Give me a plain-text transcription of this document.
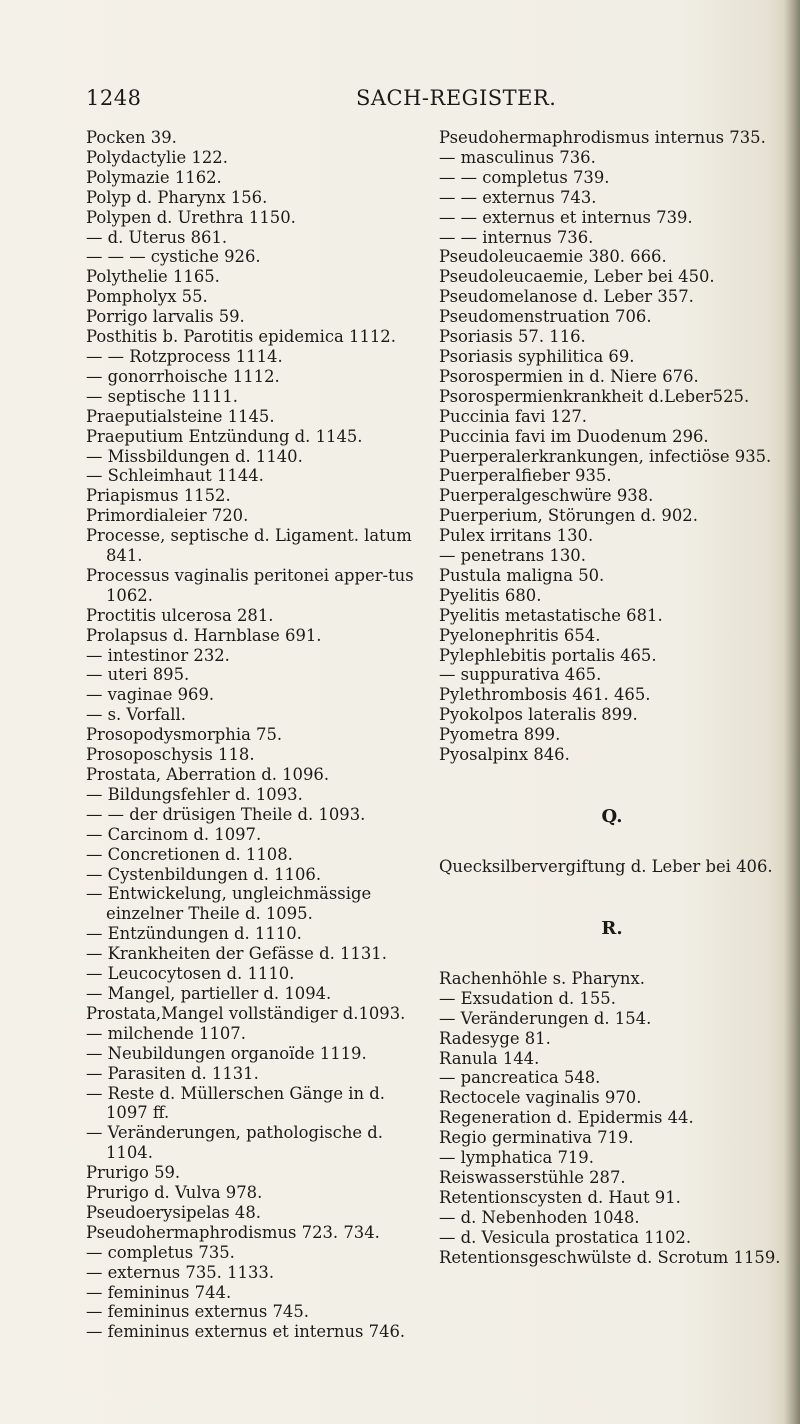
1248	SACH-REGISTER.
Pocken 39.
Polydactylie 122.
Polymazie 1162.
Polyp d. Pharynx 156.
Polypen d. Urethra 1150.
— d. Uterus 861.
— — — cystiche 926.
Polythelie 1165.
Pompholyx 55.
Porrigo larvalis 59.
Posthitis b. Parotitis epidemica 1112.
— — Rotzprocess 1114.
— gonorrhoische 1112.
— septische 1111.
Praeputialsteine 1145.
Praeputium Entzündung d. 1145.
— Missbildungen d. 1140.
— Schleimhaut 1144.
Priapismus 1152.
Primordialeier 720.
Processe, septische d. Ligament. latum 841.
Processus vaginalis peritonei apper-tus 1062.
Proctitis ulcerosa 281.
Prolapsus d. Harnblase 691.
— intestinor 232.
— uteri 895.
— vaginae 969.
— s. Vorfall.
Prosopodysmorphia 75.
Prosoposchysis 118.
Prostata, Aberration d. 1096.
— Bildungsfehler d. 1093.
— — der drüsigen Theile d. 1093.
— Carcinom d. 1097.
— Concretionen d. 1108.
— Cystenbildungen d. 1106.
— Entwickelung, ungleichmässige einzelner Theile d. 1095.
— Entzündungen d. 1110.
— Krankheiten der Gefässe d. 1131.
— Leucocytosen d. 1110.
— Mangel, partieller d. 1094.
Prostata,Mangel vollständiger d.1093.
— milchende 1107.
— Neubildungen organoïde 1119.
— Parasiten d. 1131.
— Reste d. Müllerschen Gänge in d. 1097 ff.
— Veränderungen, pathologische d. 1104.
Prurigo 59.
Prurigo d. Vulva 978.
Pseudoerysipelas 48.
Pseudohermaphrodismus 723. 734.
— completus 735.
— externus 735. 1133.
— femininus 744.
— femininus externus 745.
— femininus externus et internus 746.
Pseudohermaphrodismus internus 735.
— masculinus 736.
— — completus 739.
— — externus 743.
— — externus et internus 739.
— — internus 736.
Pseudoleucaemie 380. 666.
Pseudoleucaemie, Leber bei 450.
Pseudomelanose d. Leber 357.
Pseudomenstruation 706.
Psoriasis 57. 116.
Psoriasis syphilitica 69.
Psorospermien in d. Niere 676.
Psorospermienkrankheit d.Leber525.
Puccinia favi 127.
Puccinia favi im Duodenum 296.
Puerperalerkrankungen, infectiöse 935.
Puerperalfieber 935.
Puerperalgeschwüre 938.
Puerperium, Störungen d. 902.
Pulex irritans 130.
— penetrans 130.
Pustula maligna 50.
Pyelitis 680.
Pyelitis metastatische 681.
Pyelonephritis 654.
Pylephlebitis portalis 465.
— suppurativa 465.
Pylethrombosis 461. 465.
Pyokolpos lateralis 899.
Pyometra 899.
Pyosalpinx 846.
Q.
Quecksilbervergiftung d. Leber bei 406.
R.
Rachenhöhle s. Pharynx.
— Exsudation d. 155.
— Veränderungen d. 154.
Radesyge 81.
Ranula 144.
— pancreatica 548.
Rectocele vaginalis 970.
Regeneration d. Epidermis 44.
Regio germinativa 719.
— lymphatica 719.
Reiswasserstühle 287.
Retentionscysten d. Haut 91.
— d. Nebenhoden 1048.
— d. Vesicula prostatica 1102.
Retentionsgeschwülste d. Scrotum 1159.
